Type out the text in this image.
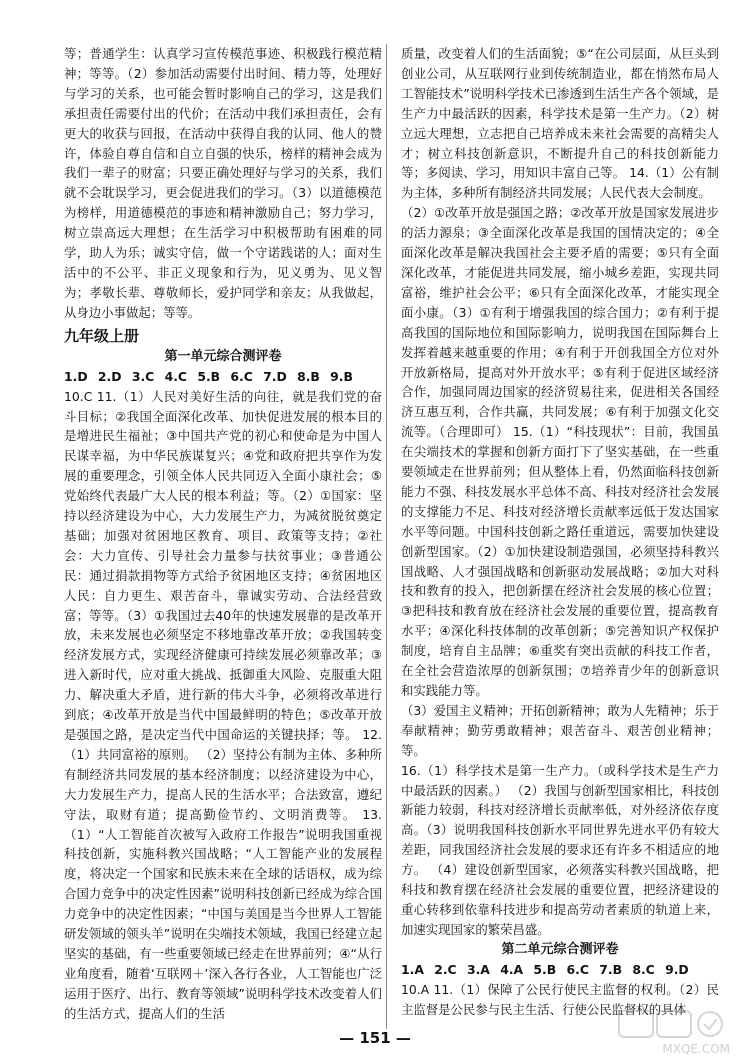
等；普通学生：认真学习宣传模范事迹、积极践行模范精神；等等。（2）参加活动需要付出时间、精力等，处理好与学习的关系，也可能会暂时影响自己的学习，这是我们承担责任需要付出的代价；在活动中我们承担责任，会有更大的收获与回报，在活动中获得自我的认同、他人的赞许，体验自尊自信和自立自强的快乐，榜样的精神会成为我们一辈子的财富；只要正确处理好与学习的关系，我们就不会耽误学习，更会促进我们的学习。（3）以道德模范为榜样，用道德模范的事迹和精神激励自己；努力学习，树立崇高远大理想；在生活学习中积极帮助有困难的同学，助人为乐；诚实守信，做一个守诺践诺的人；面对生活中的不公平、非正义现象和行为，见义勇为、见义智为；孝敬长辈、尊敬师长，爱护同学和亲友；从我做起，从身边小事做起；等等。

九年级上册
第一单元综合测评卷

1.D 2.D 3.C 4.C 5.B 6.C 7.D 8.B 9.B

10.C 11.（1）人民对美好生活的向往，就是我们党的奋斗目标；②我国全面深化改革、加快促进发展的根本目的是增进民生福祉；③中国共产党的初心和使命是为中国人民谋幸福，为中华民族谋复兴；④党和政府把共享作为发展的重要理念，引领全体人民共同迈入全面小康社会；⑤党始终代表最广大人民的根本利益；等。（2）①国家：坚持以经济建设为中心，大力发展生产力，为减贫脱贫奠定基础；加强对贫困地区教育、项目、政策等支持；②社会：大力宣传、引导社会力量参与扶贫事业；③普通公民：通过捐款捐物等方式给予贫困地区支持；④贫困地区人民：自力更生、艰苦奋斗，靠诚实劳动、合法经营致富；等等。（3）①我国过去40年的快速发展靠的是改革开放，未来发展也必须坚定不移地靠改革开放；②我国转变经济发展方式，实现经济健康可持续发展必须靠改革；③进入新时代，应对重大挑战、抵御重大风险、克服重大阻力、解决重大矛盾，进行新的伟大斗争，必须将改革进行到底；④改革开放是当代中国最鲜明的特色；⑤改革开放是强国之路，是决定当代中国命运的关键抉择；等。 12.（1）共同富裕的原则。 （2）坚持公有制为主体、多种所有制经济共同发展的基本经济制度；以经济建设为中心，大力发展生产力，提高人民的生活水平；合法致富，遵纪守法，取财有道；提高勤俭节约、文明消费等。 13.（1）“人工智能首次被写入政府工作报告”说明我国重视科技创新，实施科教兴国战略；“人工智能产业的发展程度，将决定一个国家和民族未来在全球的话语权，成为综合国力竞争中的决定性因素”说明科技创新已经成为综合国力竞争中的决定性因素；“中国与美国是当今世界人工智能研发领域的领头羊”说明在尖端技术领域，我国已经建立起坚实的基础，有一些重要领域已经走在世界前列；④“从行业角度看，随着‘互联网＋’深入各行各业，人工智能也广泛运用于医疗、出行、教育等领域”说明科学技术改变着人们的生活方式，提高人们的生活

质量，改变着人们的生活面貌；⑤“在公司层面，从巨头到创业公司，从互联网行业到传统制造业，都在悄然布局人工智能技术”说明科学技术已渗透到生活生产各个领域，是生产力中最活跃的因素，科学技术是第一生产力。（2）树立远大理想，立志把自己培养成未来社会需要的高精尖人才；树立科技创新意识，不断提升自己的科技创新能力等；多阅读、学习，用知识丰富自己等。 14.（1）公有制为主体，多种所有制经济共同发展；人民代表大会制度。

（2）①改革开放是强国之路；②改革开放是国家发展进步的活力源泉；③全面深化改革是我国的国情决定的；④全面深化改革是解决我国社会主要矛盾的需要；⑤只有全面深化改革，才能促进共同发展，缩小城乡差距，实现共同富裕，维护社会公平；⑥只有全面深化改革，才能实现全面小康。（3）①有利于增强我国的综合国力；②有利于提高我国的国际地位和国际影响力，说明我国在国际舞台上发挥着越来越重要的作用；④有利于开创我国全方位对外开放新格局，提高对外开放水平；⑤有利于促进区域经济合作，加强同周边国家的经济贸易往来，促进相关各国经济互惠互利，合作共赢，共同发展；⑥有利于加强文化交流等。（合理即可） 15.（1）“科技现状”：目前，我国虽在尖端技术的掌握和创新方面打下了坚实基础，在一些重要领域走在世界前列；但从整体上看，仍然面临科技创新能力不强、科技发展水平总体不高、科技对经济社会发展的支撑能力不足、科技对经济增长贡献率远低于发达国家水平等问题。中国科技创新之路任重道远，需要加快建设创新型国家。（2）①加快建设制造强国，必须坚持科教兴国战略、人才强国战略和创新驱动发展战略；②加大对科技和教育的投入，把创新摆在经济社会发展的核心位置；③把科技和教育放在经济社会发展的重要位置，提高教育水平；④深化科技体制的改革创新；⑤完善知识产权保护制度，培育自主品牌；⑥重奖有突出贡献的科技工作者，在全社会营造浓厚的创新氛围；⑦培养青少年的创新意识和实践能力等。

（3）爱国主义精神；开拓创新精神；敢为人先精神；乐于奉献精神；勤劳勇敢精神；艰苦奋斗、艰苦创业精神；等。

16.（1）科学技术是第一生产力。（或科学技术是生产力中最活跃的因素。） （2）我国与创新型国家相比，科技创新能力较弱，科技对经济增长贡献率低，对外经济依存度高。（3）说明我国科技创新水平同世界先进水平仍有较大差距，同我国经济社会发展的要求还有许多不相适应的地方。 （4）建设创新型国家，必须落实科教兴国战略，把科技和教育摆在经济社会发展的重要位置，把经济建设的重心转移到依靠科技进步和提高劳动者素质的轨道上来，加速实现国家的繁荣昌盛。

第二单元综合测评卷

1.A 2.C 3.A 4.A 5.B 6.C 7.B 8.C 9.D

10.A 11.（1）保障了公民行使民主监督的权利。（2）民主监督是公民参与民主生活、行使公民监督权的具体

— 151 —
MXQE.COM
